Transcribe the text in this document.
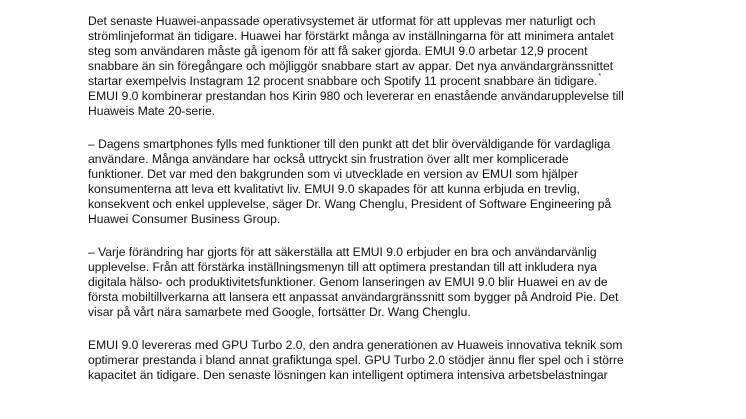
Det senaste Huawei-anpassade operativsystemet är utformat för att upplevas mer naturligt och
strömlinjeformat än tidigare. Huawei har förstärkt många av inställningarna för att minimera antalet
steg som användaren måste gå igenom för att få saker gjorda. EMUI 9.0 arbetar 12,9 procent
snabbare än sin föregångare och möjliggör snabbare start av appar. Det nya användargränssnittet
startar exempelvis Instagram 12 procent snabbare och Spotify 11 procent snabbare än tidigare.*
EMUI 9.0 kombinerar prestandan hos Kirin 980 och levererar en enastående användarupplevelse till
Huaweis Mate 20-serie.
– Dagens smartphones fylls med funktioner till den punkt att det blir överväldigande för vardagliga
användare. Många användare har också uttryckt sin frustration över allt mer komplicerade
funktioner. Det var med den bakgrunden som vi utvecklade en version av EMUI som hjälper
konsumenterna att leva ett kvalitativt liv. EMUI 9.0 skapades för att kunna erbjuda en trevlig,
konsekvent och enkel upplevelse, säger Dr. Wang Chenglu, President of Software Engineering på
Huawei Consumer Business Group.
– Varje förändring har gjorts för att säkerställa att EMUI 9.0 erbjuder en bra och användarvänlig
upplevelse. Från att förstärka inställningsmenyn till att optimera prestandan till att inkludera nya
digitala hälso- och produktivitetsfunktioner. Genom lanseringen av EMUI 9.0 blir Huawei en av de
första mobiltillverkarna att lansera ett anpassat användargränssnitt som bygger på Android Pie. Det
visar på vårt nära samarbete med Google, fortsätter Dr. Wang Chenglu.
EMUI 9.0 levereras med GPU Turbo 2.0, den andra generationen av Huaweis innovativa teknik som
optimerar prestanda i bland annat grafiktunga spel. GPU Turbo 2.0 stödjer ännu fler spel och i större
kapacitet än tidigare. Den senaste lösningen kan intelligent optimera intensiva arbetsbelastningar
